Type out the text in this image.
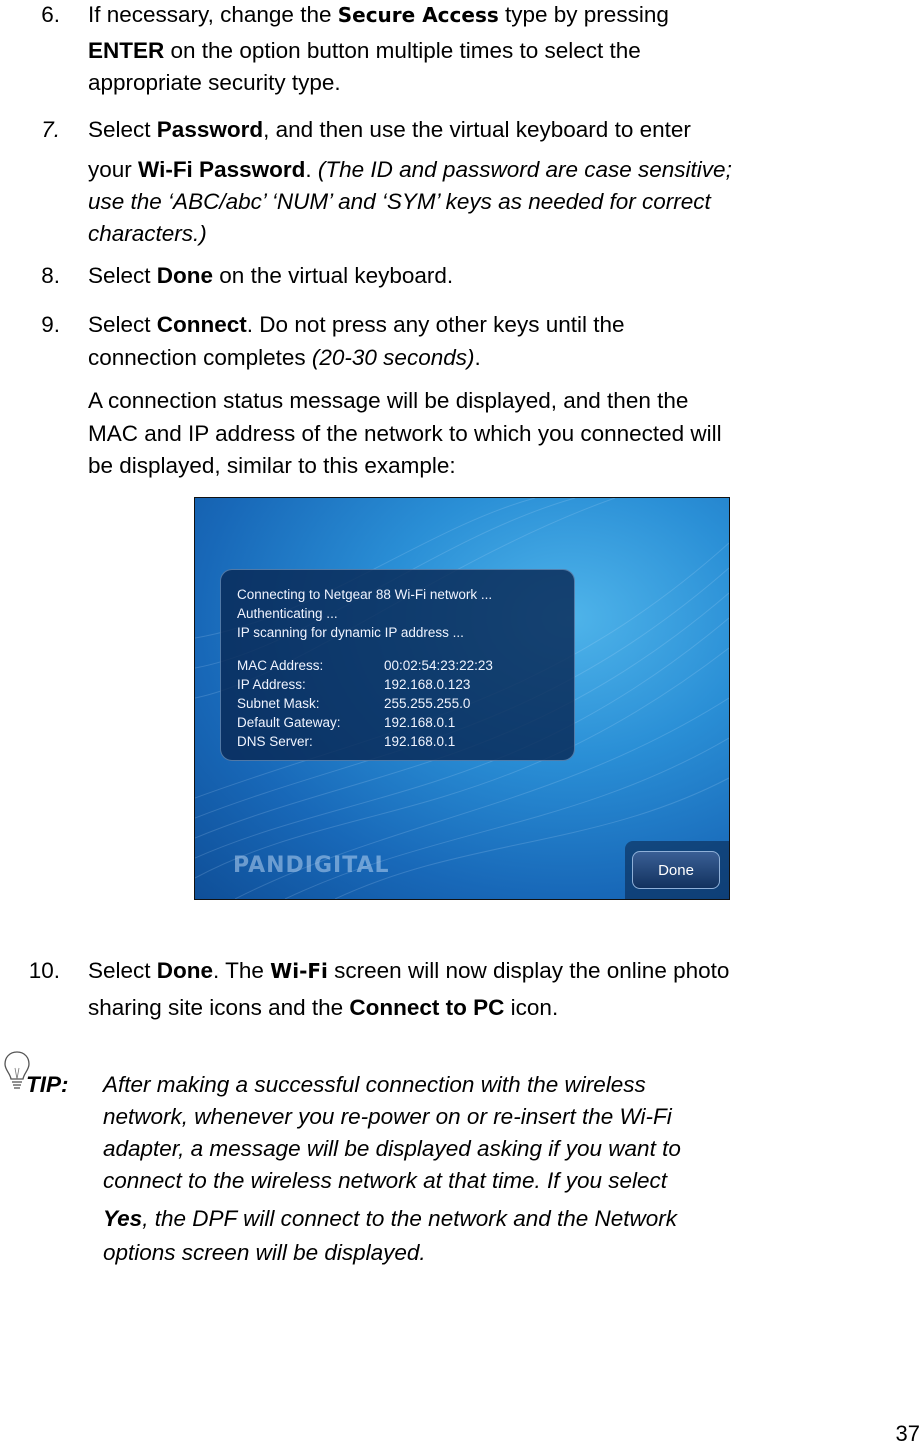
6. If necessary, change the Secure Access type by pressing
ENTER on the option button multiple times to select the
appropriate security type.
7. Select Password, and then use the virtual keyboard to enter
your Wi-Fi Password. (The ID and password are case sensitive;
use the ‘ABC/abc’ ‘NUM’ and ‘SYM’ keys as needed for correct
characters.)
8. Select Done on the virtual keyboard.
9. Select Connect. Do not press any other keys until the
connection completes (20-30 seconds).
A connection status message will be displayed, and then the
MAC and IP address of the network to which you connected will
be displayed, similar to this example:
Connecting to Netgear 88 Wi-Fi network ...
Authenticating ...
IP scanning for dynamic IP address ...
MAC Address:	00:02:54:23:22:23
IP Address:	192.168.0.123
Subnet Mask:	255.255.255.0
Default Gateway:	192.168.0.1
DNS Server:	192.168.0.1
PANDIGITAL	Done
10. Select Done. The Wi-Fi screen will now display the online photo
sharing site icons and the Connect to PC icon.
TIP: After making a successful connection with the wireless
network, whenever you re-power on or re-insert the Wi-Fi
adapter, a message will be displayed asking if you want to
connect to the wireless network at that time. If you select
Yes, the DPF will connect to the network and the Network
options screen will be displayed.
37
